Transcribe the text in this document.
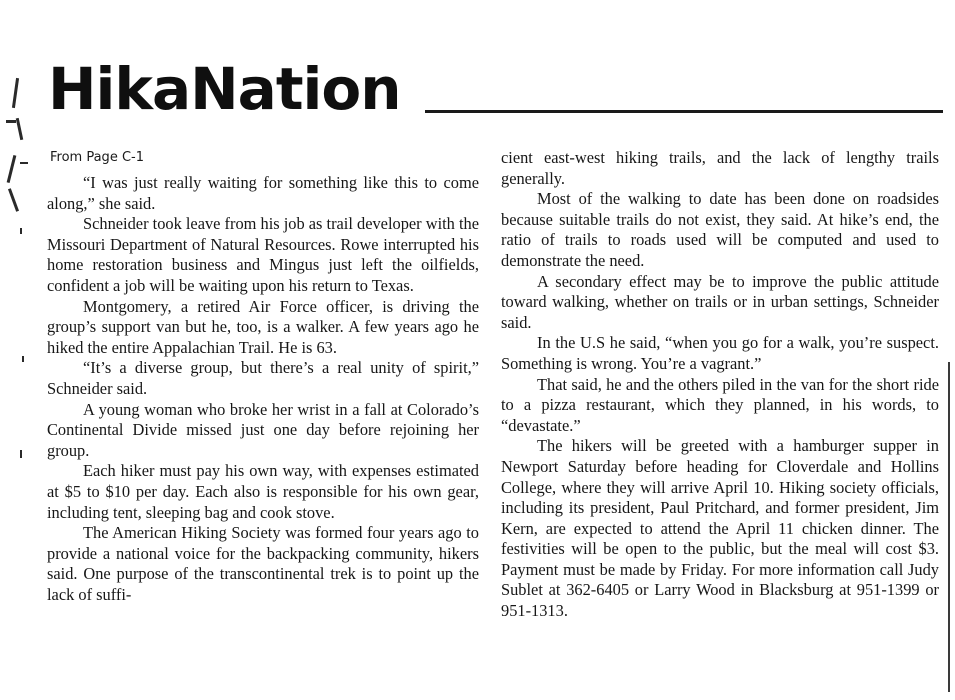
HikaNation
From Page C-1

“I was just really waiting for something like this to come along,” she said.

Schneider took leave from his job as trail developer with the Missouri Department of Natural Resources. Rowe interrupted his home restoration business and Mingus just left the oilfields, confident a job will be waiting upon his return to Texas.

Montgomery, a retired Air Force officer, is driving the group’s support van but he, too, is a walker. A few years ago he hiked the entire Appalachian Trail. He is 63.

“It’s a diverse group, but there’s a real unity of spirit,” Schneider said.

A young woman who broke her wrist in a fall at Colorado’s Continental Divide missed just one day before rejoining her group.

Each hiker must pay his own way, with expenses estimated at $5 to $10 per day. Each also is responsible for his own gear, including tent, sleeping bag and cook stove.

The American Hiking Society was formed four years ago to provide a national voice for the backpacking community, hikers said. One purpose of the transcontinental trek is to point up the lack of suffi-

cient east-west hiking trails, and the lack of lengthy trails generally.

Most of the walking to date has been done on roadsides because suitable trails do not exist, they said. At hike’s end, the ratio of trails to roads used will be computed and used to demonstrate the need.

A secondary effect may be to improve the public attitude toward walking, whether on trails or in urban settings, Schneider said.

In the U.S he said, “when you go for a walk, you’re suspect. Something is wrong. You’re a vagrant.”

That said, he and the others piled in the van for the short ride to a pizza restaurant, which they planned, in his words, to “devastate.”

The hikers will be greeted with a hamburger supper in Newport Saturday before heading for Cloverdale and Hollins College, where they will arrive April 10. Hiking society officials, including its president, Paul Pritchard, and former president, Jim Kern, are expected to attend the April 11 chicken dinner. The festivities will be open to the public, but the meal will cost $3. Payment must be made by Friday. For more information call Judy Sublet at 362-6405 or Larry Wood in Blacksburg at 951-1399 or 951-1313.
